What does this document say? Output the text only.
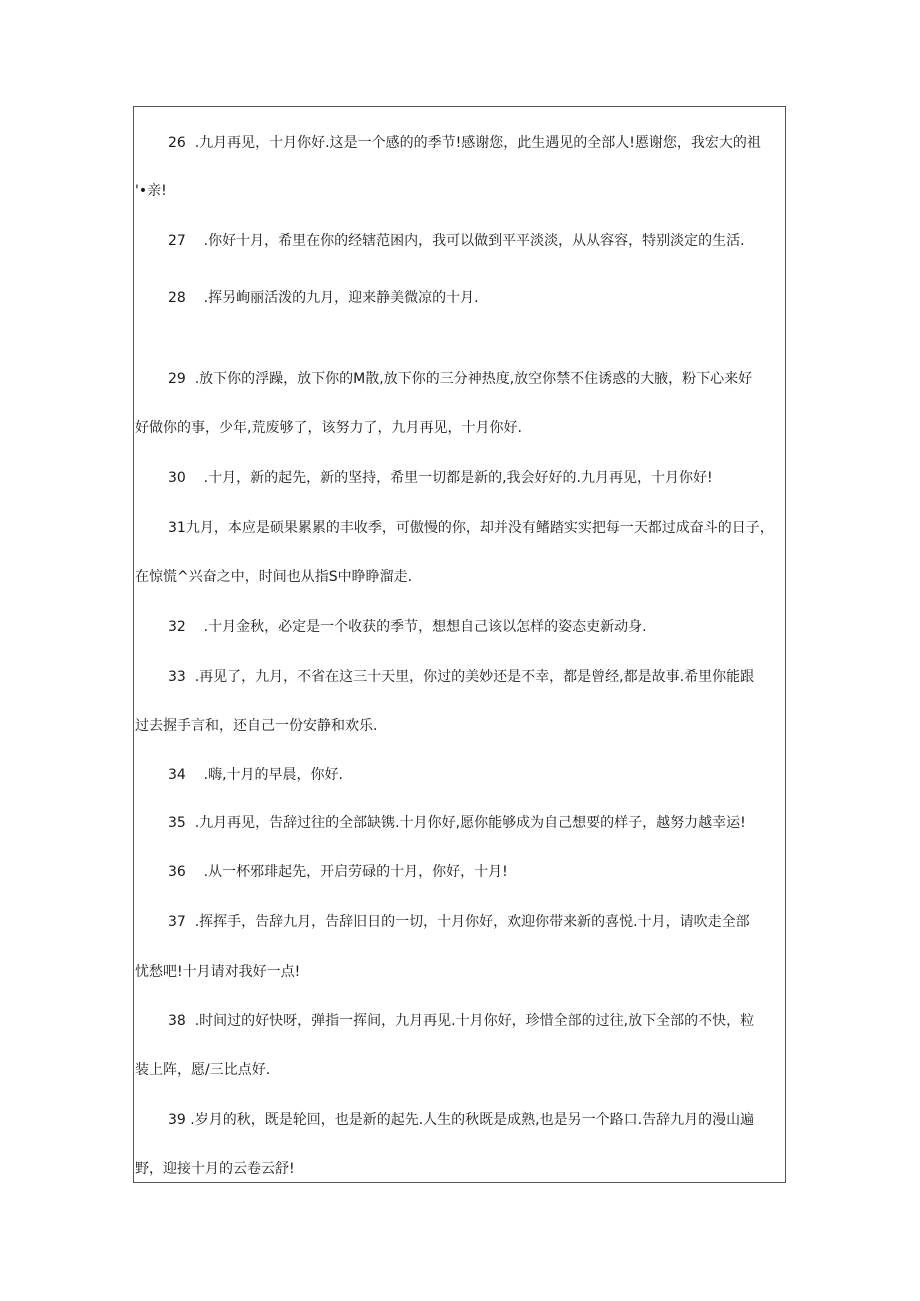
26  .九月再见，十月你好.这是一个感的的季节!感谢您，此生遇见的全部人!慝谢您，我宏大的祖
'•亲!
27    .你好十月，希里在你的经辖范困内，我可以做到平平淡淡，从从容容，特别淡定的生活.
28    .挥另峋丽活泼的九月，迎来静美微凉的十月.
29  .放下你的浮躁，放下你的M散,放下你的三分神热度,放空你禁不住诱惑的大腋，粉下心来好
好做你的事，少年,荒废够了，该努力了，九月再见，十月你好.
30    .十月，新的起先，新的坚持，希里一切都是新的,我会好好的.九月再见，十月你好!
31九月，本应是硕果累累的丰收季，可傲慢的你，却并没有鳍踏实实把每一天都过成奋斗的日子，
在惊慌^兴奋之中，时间也从指S中睁睁溜走.
32    .十月金秋，必定是一个收获的季节，想想自己该以怎样的姿态吏新动身.
33  .再见了，九月，不省在这三十天里，你过的美妙还是不幸，都是曾经,都是故事.希里你能跟
过去握手言和，还自己一份安静和欢乐.
34    .嗨,十月的早晨，你好.
35  .九月再见，告辞过往的全部缺镌.十月你好,愿你能够成为自己想要的样子，越努力越幸运!
36    .从一杯邪琲起先，开启劳碌的十月，你好，十月!
37  .挥挥手，告辞九月，告辞旧日的一切，十月你好，欢迎你带来新的喜悦.十月，请吹走全部
忧愁吧!十月请对我好一点!
38  .时间过的好快呀，弹指一挥间，九月再见.十月你好，珍惜全部的过往,放下全部的不快，粒
装上阵，愿/三比点好.
39 .岁月的秋，既是轮回，也是新的起先.人生的秋既是成熟,也是另一个路口.告辞九月的漫山遍
野，迎接十月的云卷云舒!
